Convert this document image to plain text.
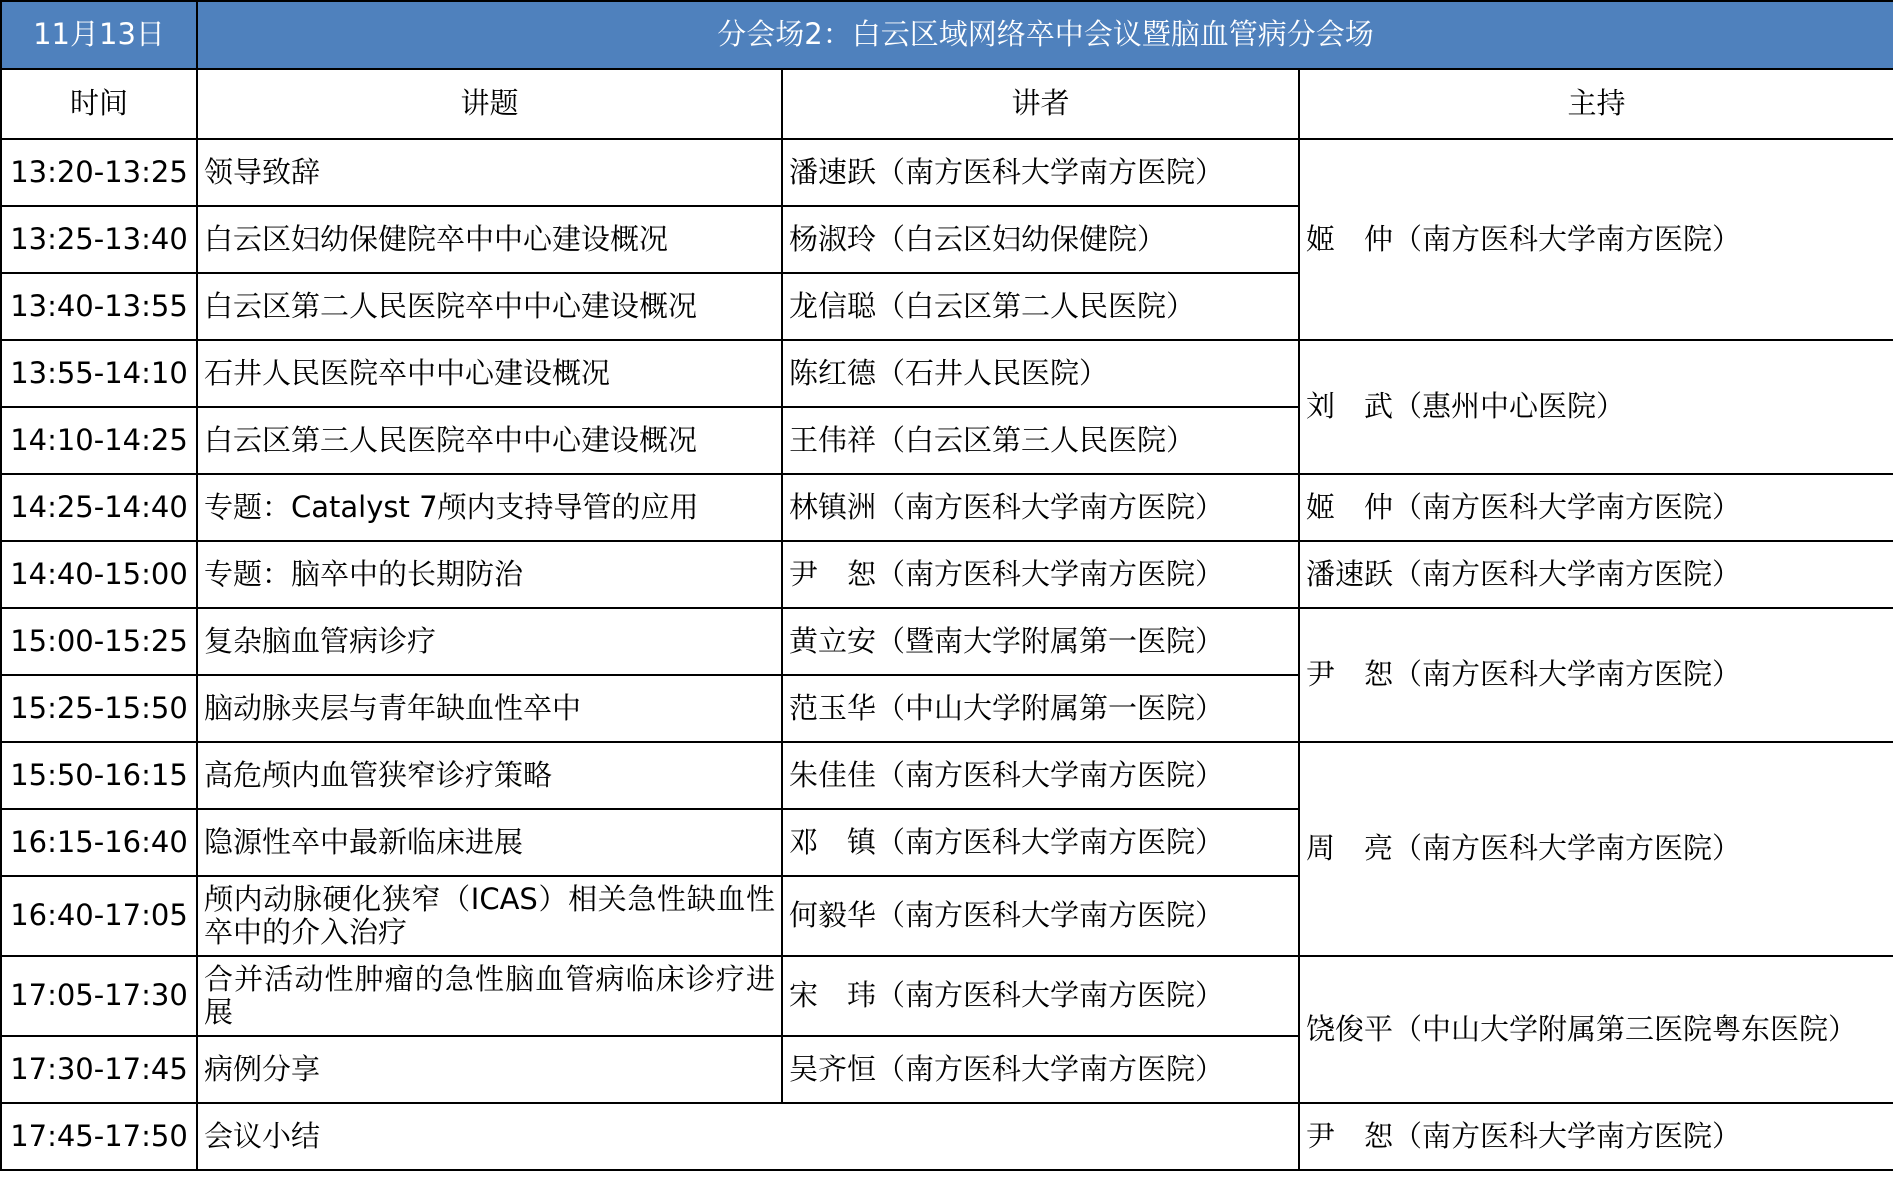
11月13日	分会场2：白云区域网络卒中会议暨脑血管病分会场		
时间	讲题	讲者	主持
13:20-13:25	领导致辞	潘速跃（南方医科大学南方医院）	姬　仲（南方医科大学南方医院）
13:25-13:40	白云区妇幼保健院卒中中心建设概况	杨淑玲（白云区妇幼保健院）	
13:40-13:55	白云区第二人民医院卒中中心建设概况	龙信聪（白云区第二人民医院）	
13:55-14:10	石井人民医院卒中中心建设概况	陈红德（石井人民医院）	刘　武（惠州中心医院）
14:10-14:25	白云区第三人民医院卒中中心建设概况	王伟祥（白云区第三人民医院）	
14:25-14:40	专题：Catalyst 7颅内支持导管的应用	林镇洲（南方医科大学南方医院）	姬　仲（南方医科大学南方医院）
14:40-15:00	专题：脑卒中的长期防治	尹　恕（南方医科大学南方医院）	潘速跃（南方医科大学南方医院）
15:00-15:25	复杂脑血管病诊疗	黄立安（暨南大学附属第一医院）	尹　恕（南方医科大学南方医院）
15:25-15:50	脑动脉夹层与青年缺血性卒中	范玉华（中山大学附属第一医院）	
15:50-16:15	高危颅内血管狭窄诊疗策略	朱佳佳（南方医科大学南方医院）	周　亮（南方医科大学南方医院）
16:15-16:40	隐源性卒中最新临床进展	邓　镇（南方医科大学南方医院）	
16:40-17:05	颅内动脉硬化狭窄（ICAS）相关急性缺血性卒中的介入治疗	何毅华（南方医科大学南方医院）	
17:05-17:30	合并活动性肿瘤的急性脑血管病临床诊疗进展	宋　玮（南方医科大学南方医院）	饶俊平（中山大学附属第三医院粤东医院）
17:30-17:45	病例分享	吴齐恒（南方医科大学南方医院）	
17:45-17:50	会议小结		尹　恕（南方医科大学南方医院）
